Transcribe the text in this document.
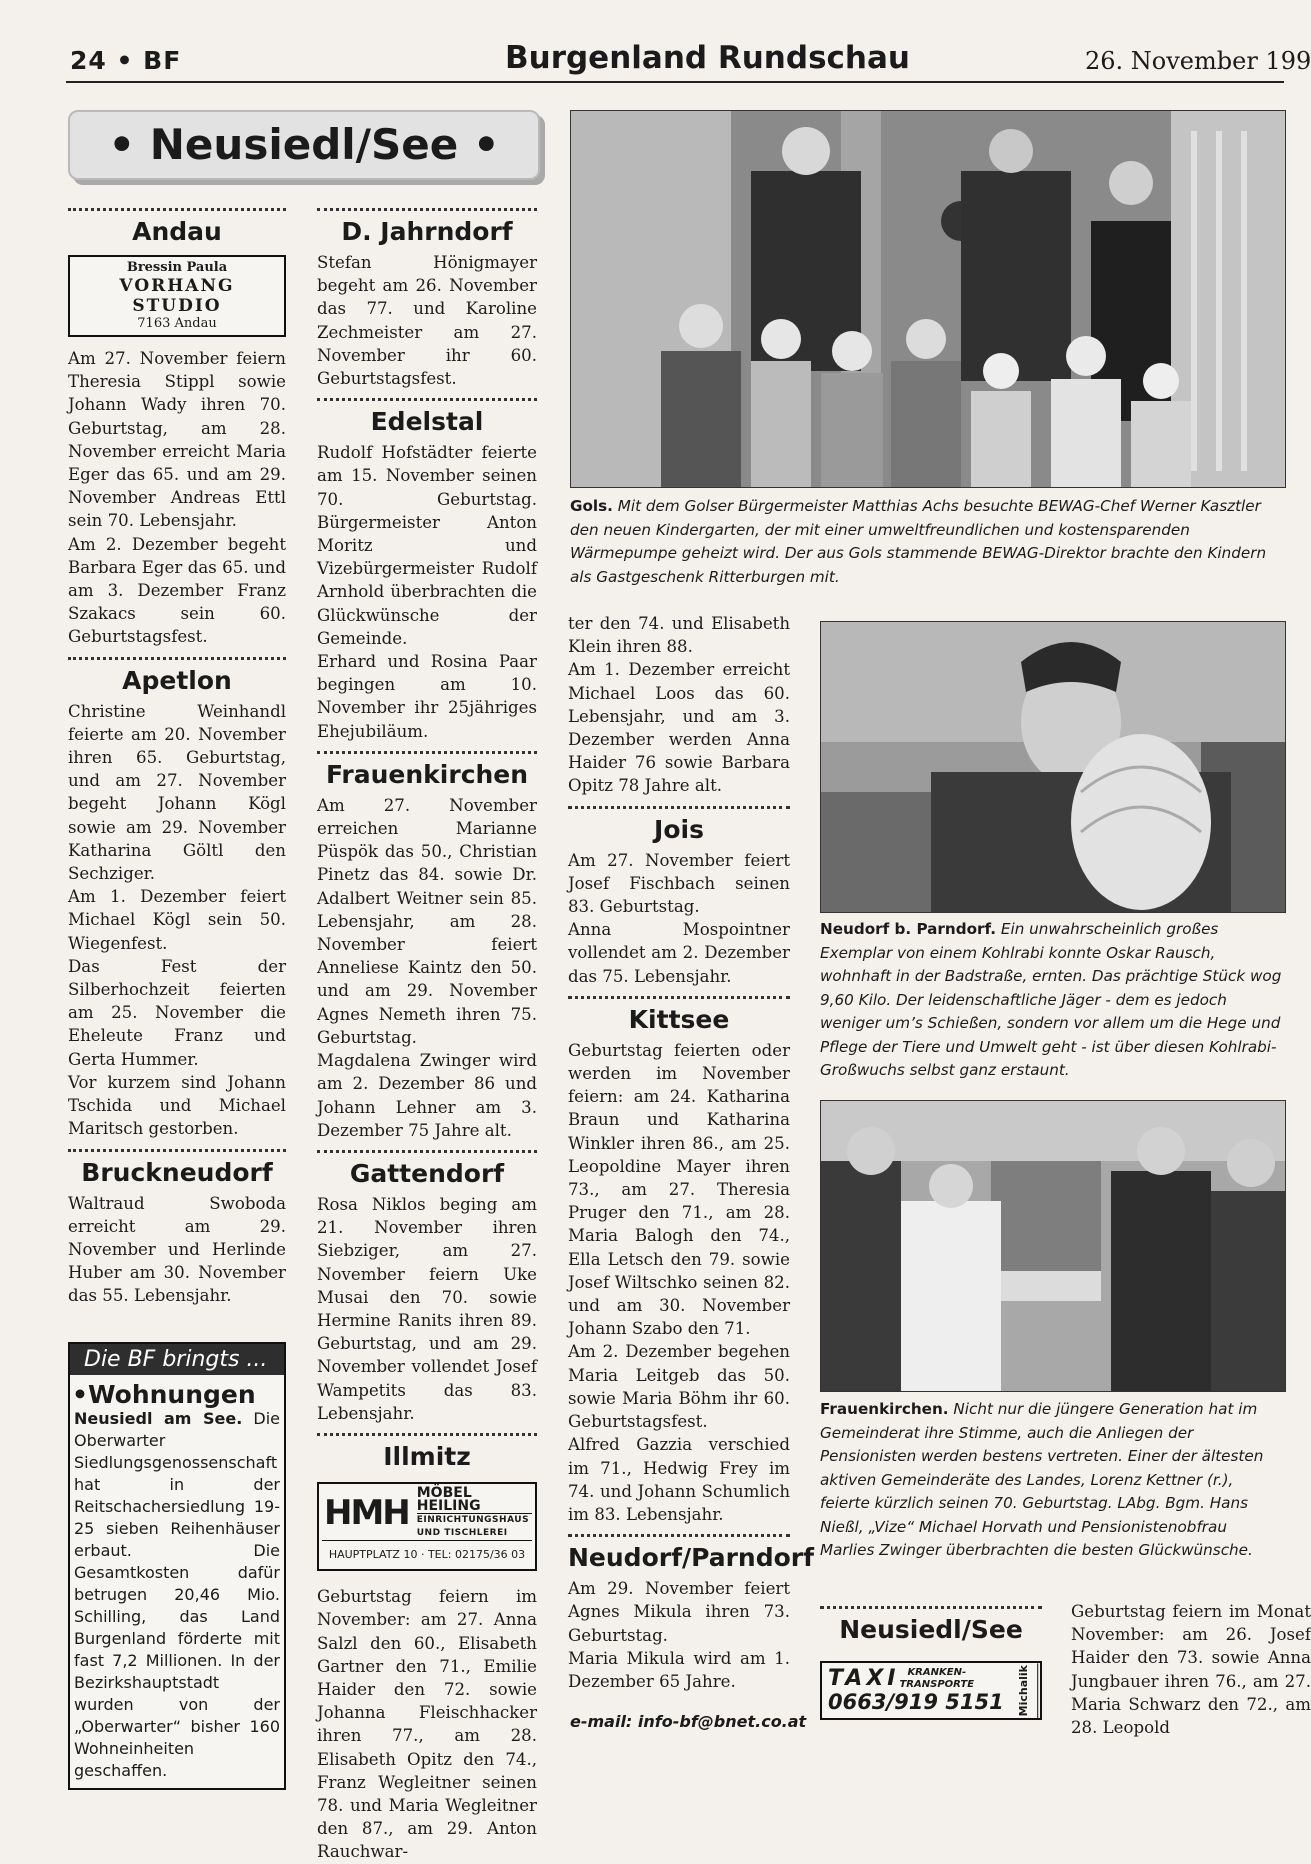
24 • BF	Burgenland Rundschau	26. November 199
• Neusiedl/See •
Andau
Bressin Paula
VORHANG STUDIO
7163 Andau

Am 27. November feiern Theresia Stippl sowie Johann Wady ihren 70. Geburtstag, am 28. November erreicht Maria Eger das 65. und am 29. November Andreas Ettl sein 70. Lebensjahr.

Am 2. Dezember begeht Barbara Eger das 65. und am 3. Dezember Franz Szakacs sein 60. Geburtstagsfest.

Apetlon

Christine Weinhandl feierte am 20. November ihren 65. Geburtstag, und am 27. November begeht Johann Kögl sowie am 29. November Katharina Göltl den Sechziger.

Am 1. Dezember feiert Michael Kögl sein 50. Wiegenfest.

Das Fest der Silberhochzeit feierten am 25. November die Eheleute Franz und Gerta Hummer.

Vor kurzem sind Johann Tschida und Michael Maritsch gestorben.

Bruckneudorf

Waltraud Swoboda erreicht am 29. November und Herlinde Huber am 30. November das 55. Lebensjahr.

Die BF bringts ...
•Wohnungen
Neusiedl am See. Die Oberwarter Siedlungsgenossenschaft hat in der Reitschachersiedlung 19-25 sieben Reihenhäuser erbaut. Die Gesamtkosten dafür betrugen 20,46 Mio. Schilling, das Land Burgenland förderte mit fast 7,2 Millionen. In der Bezirkshauptstadt wurden von der „Oberwarter“ bisher 160 Wohneinheiten geschaffen.
D. Jahrndorf

Stefan Hönigmayer begeht am 26. November das 77. und Karoline Zechmeister am 27. November ihr 60. Geburtstagsfest.

Edelstal

Rudolf Hofstädter feierte am 15. November seinen 70. Geburtstag. Bürgermeister Anton Moritz und Vizebürgermeister Rudolf Arnhold überbrachten die Glückwünsche der Gemeinde.

Erhard und Rosina Paar begingen am 10. November ihr 25jähriges Ehejubiläum.

Frauenkirchen

Am 27. November erreichen Marianne Püspök das 50., Christian Pinetz das 84. sowie Dr. Adalbert Weitner sein 85. Lebensjahr, am 28. November feiert Anneliese Kaintz den 50. und am 29. November Agnes Nemeth ihren 75. Geburtstag.

Magdalena Zwinger wird am 2. Dezember 86 und Johann Lehner am 3. Dezember 75 Jahre alt.

Gattendorf

Rosa Niklos beging am 21. November ihren Siebziger, am 27. November feiern Uke Musai den 70. sowie Hermine Ranits ihren 89. Geburtstag, und am 29. November vollendet Josef Wampetits das 83. Lebensjahr.

Illmitz
HMH
MÖBEL HEILING
EINRICHTUNGSHAUS
UND TISCHLEREI
HAUPTPLATZ 10 · TEL: 02175/36 03

Geburtstag feiern im November: am 27. Anna Salzl den 60., Elisabeth Gartner den 71., Emilie Haider den 72. sowie Johanna Fleischhacker ihren 77., am 28. Elisabeth Opitz den 74., Franz Wegleitner seinen 78. und Maria Wegleitner den 87., am 29. Anton Rauchwar-

Gols. Mit dem Golser Bürgermeister Matthias Achs besuchte BEWAG-Chef Werner Kasztler den neuen Kindergarten, der mit einer umweltfreundlichen und kostensparenden Wärmepumpe geheizt wird. Der aus Gols stammende BEWAG-Direktor brachte den Kindern als Gastgeschenk Ritterburgen mit.

ter den 74. und Elisabeth Klein ihren 88.

Am 1. Dezember erreicht Michael Loos das 60. Lebensjahr, und am 3. Dezember werden Anna Haider 76 sowie Barbara Opitz 78 Jahre alt.

Jois

Am 27. November feiert Josef Fischbach seinen 83. Geburtstag.

Anna Mospointner vollendet am 2. Dezember das 75. Lebensjahr.

Kittsee

Geburtstag feierten oder werden im November feiern: am 24. Katharina Braun und Katharina Winkler ihren 86., am 25. Leopoldine Mayer ihren 73., am 27. Theresia Pruger den 71., am 28. Maria Balogh den 74., Ella Letsch den 79. sowie Josef Wiltschko seinen 82. und am 30. November Johann Szabo den 71.

Am 2. Dezember begehen Maria Leitgeb das 50. sowie Maria Böhm ihr 60. Geburtstagsfest.

Alfred Gazzia verschied im 71., Hedwig Frey im 74. und Johann Schumlich im 83. Lebensjahr.

Neudorf/Parndorf

Am 29. November feiert Agnes Mikula ihren 73. Geburtstag.

Maria Mikula wird am 1. Dezember 65 Jahre.

e-mail: info-bf@bnet.co.at
Neudorf b. Parndorf. Ein unwahrscheinlich großes Exemplar von einem Kohlrabi konnte Oskar Rausch, wohnhaft in der Badstraße, ernten. Das prächtige Stück wog 9,60 Kilo. Der leidenschaftliche Jäger - dem es jedoch weniger um’s Schießen, sondern vor allem um die Hege und Pflege der Tiere und Umwelt geht - ist über diesen Kohlrabi-Großwuchs selbst ganz erstaunt.
Frauenkirchen. Nicht nur die jüngere Generation hat im Gemeinderat ihre Stimme, auch die Anliegen der Pensionisten werden bestens vertreten. Einer der ältesten aktiven Gemeinderäte des Landes, Lorenz Kettner (r.), feierte kürzlich seinen 70. Geburtstag. LAbg. Bgm. Hans Nießl, „Vize“ Michael Horvath und Pensionistenobfrau Marlies Zwinger überbrachten die besten Glückwünsche.
Neusiedl/See
TAXI KRANKEN-
TRANSPORTE
0663/919 5151	Michalik

Geburtstag feiern im Monat November: am 26. Josef Haider den 73. sowie Anna Jungbauer ihren 76., am 27. Maria Schwarz den 72., am 28. Leopold
